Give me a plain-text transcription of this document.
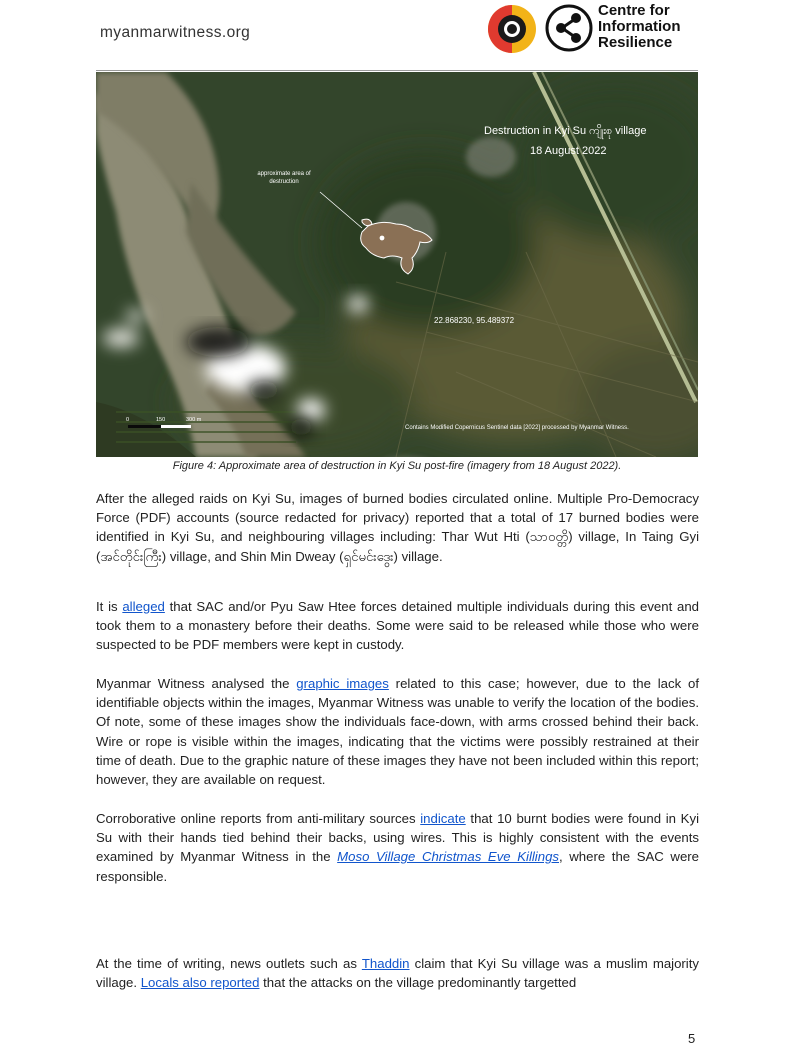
myanmarwitness.org
Centre for
Information
Resilience
0	150	300 m
Destruction in Kyi Su ကျိုးစု village
18 August 2022
approximate area of
destruction
22.868230, 95.489372
Contains Modified Copernicus Sentinel data [2022] processed by Myanmar Witness.
Figure 4: Approximate area of destruction in Kyi Su post-fire (imagery from 18 August 2022).

After the alleged raids on Kyi Su, images of burned bodies circulated online. Multiple Pro-Democracy Force (PDF) accounts (source redacted for privacy) reported that a total of 17 burned bodies were identified in Kyi Su, and neighbouring villages including: Thar Wut Hti (သာဝတ္တိ) village, In Taing Gyi (အင်တိုင်းကြီး) village, and Shin Min Dweay (ရှင်မင်းဒွေး) village.

It is alleged that SAC and/or Pyu Saw Htee forces detained multiple individuals during this event and took them to a monastery before their deaths. Some were said to be released while those who were suspected to be PDF members were kept in custody.

Myanmar Witness analysed the graphic images related to this case; however, due to the lack of identifiable objects within the images, Myanmar Witness was unable to verify the location of the bodies. Of note, some of these images show the individuals face-down, with arms crossed behind their back. Wire or rope is visible within the images, indicating that the victims were possibly restrained at their time of death. Due to the graphic nature of these images they have not been included within this report; however, they are available on request.

Corroborative online reports from anti-military sources indicate that 10 burnt bodies were found in Kyi Su with their hands tied behind their backs, using wires. This is highly consistent with the events examined by Myanmar Witness in the Moso Village Christmas Eve Killings, where the SAC were responsible.

At the time of writing, news outlets such as Thaddin claim that Kyi Su village was a muslim majority village. Locals also reported that the attacks on the village predominantly targetted

5
